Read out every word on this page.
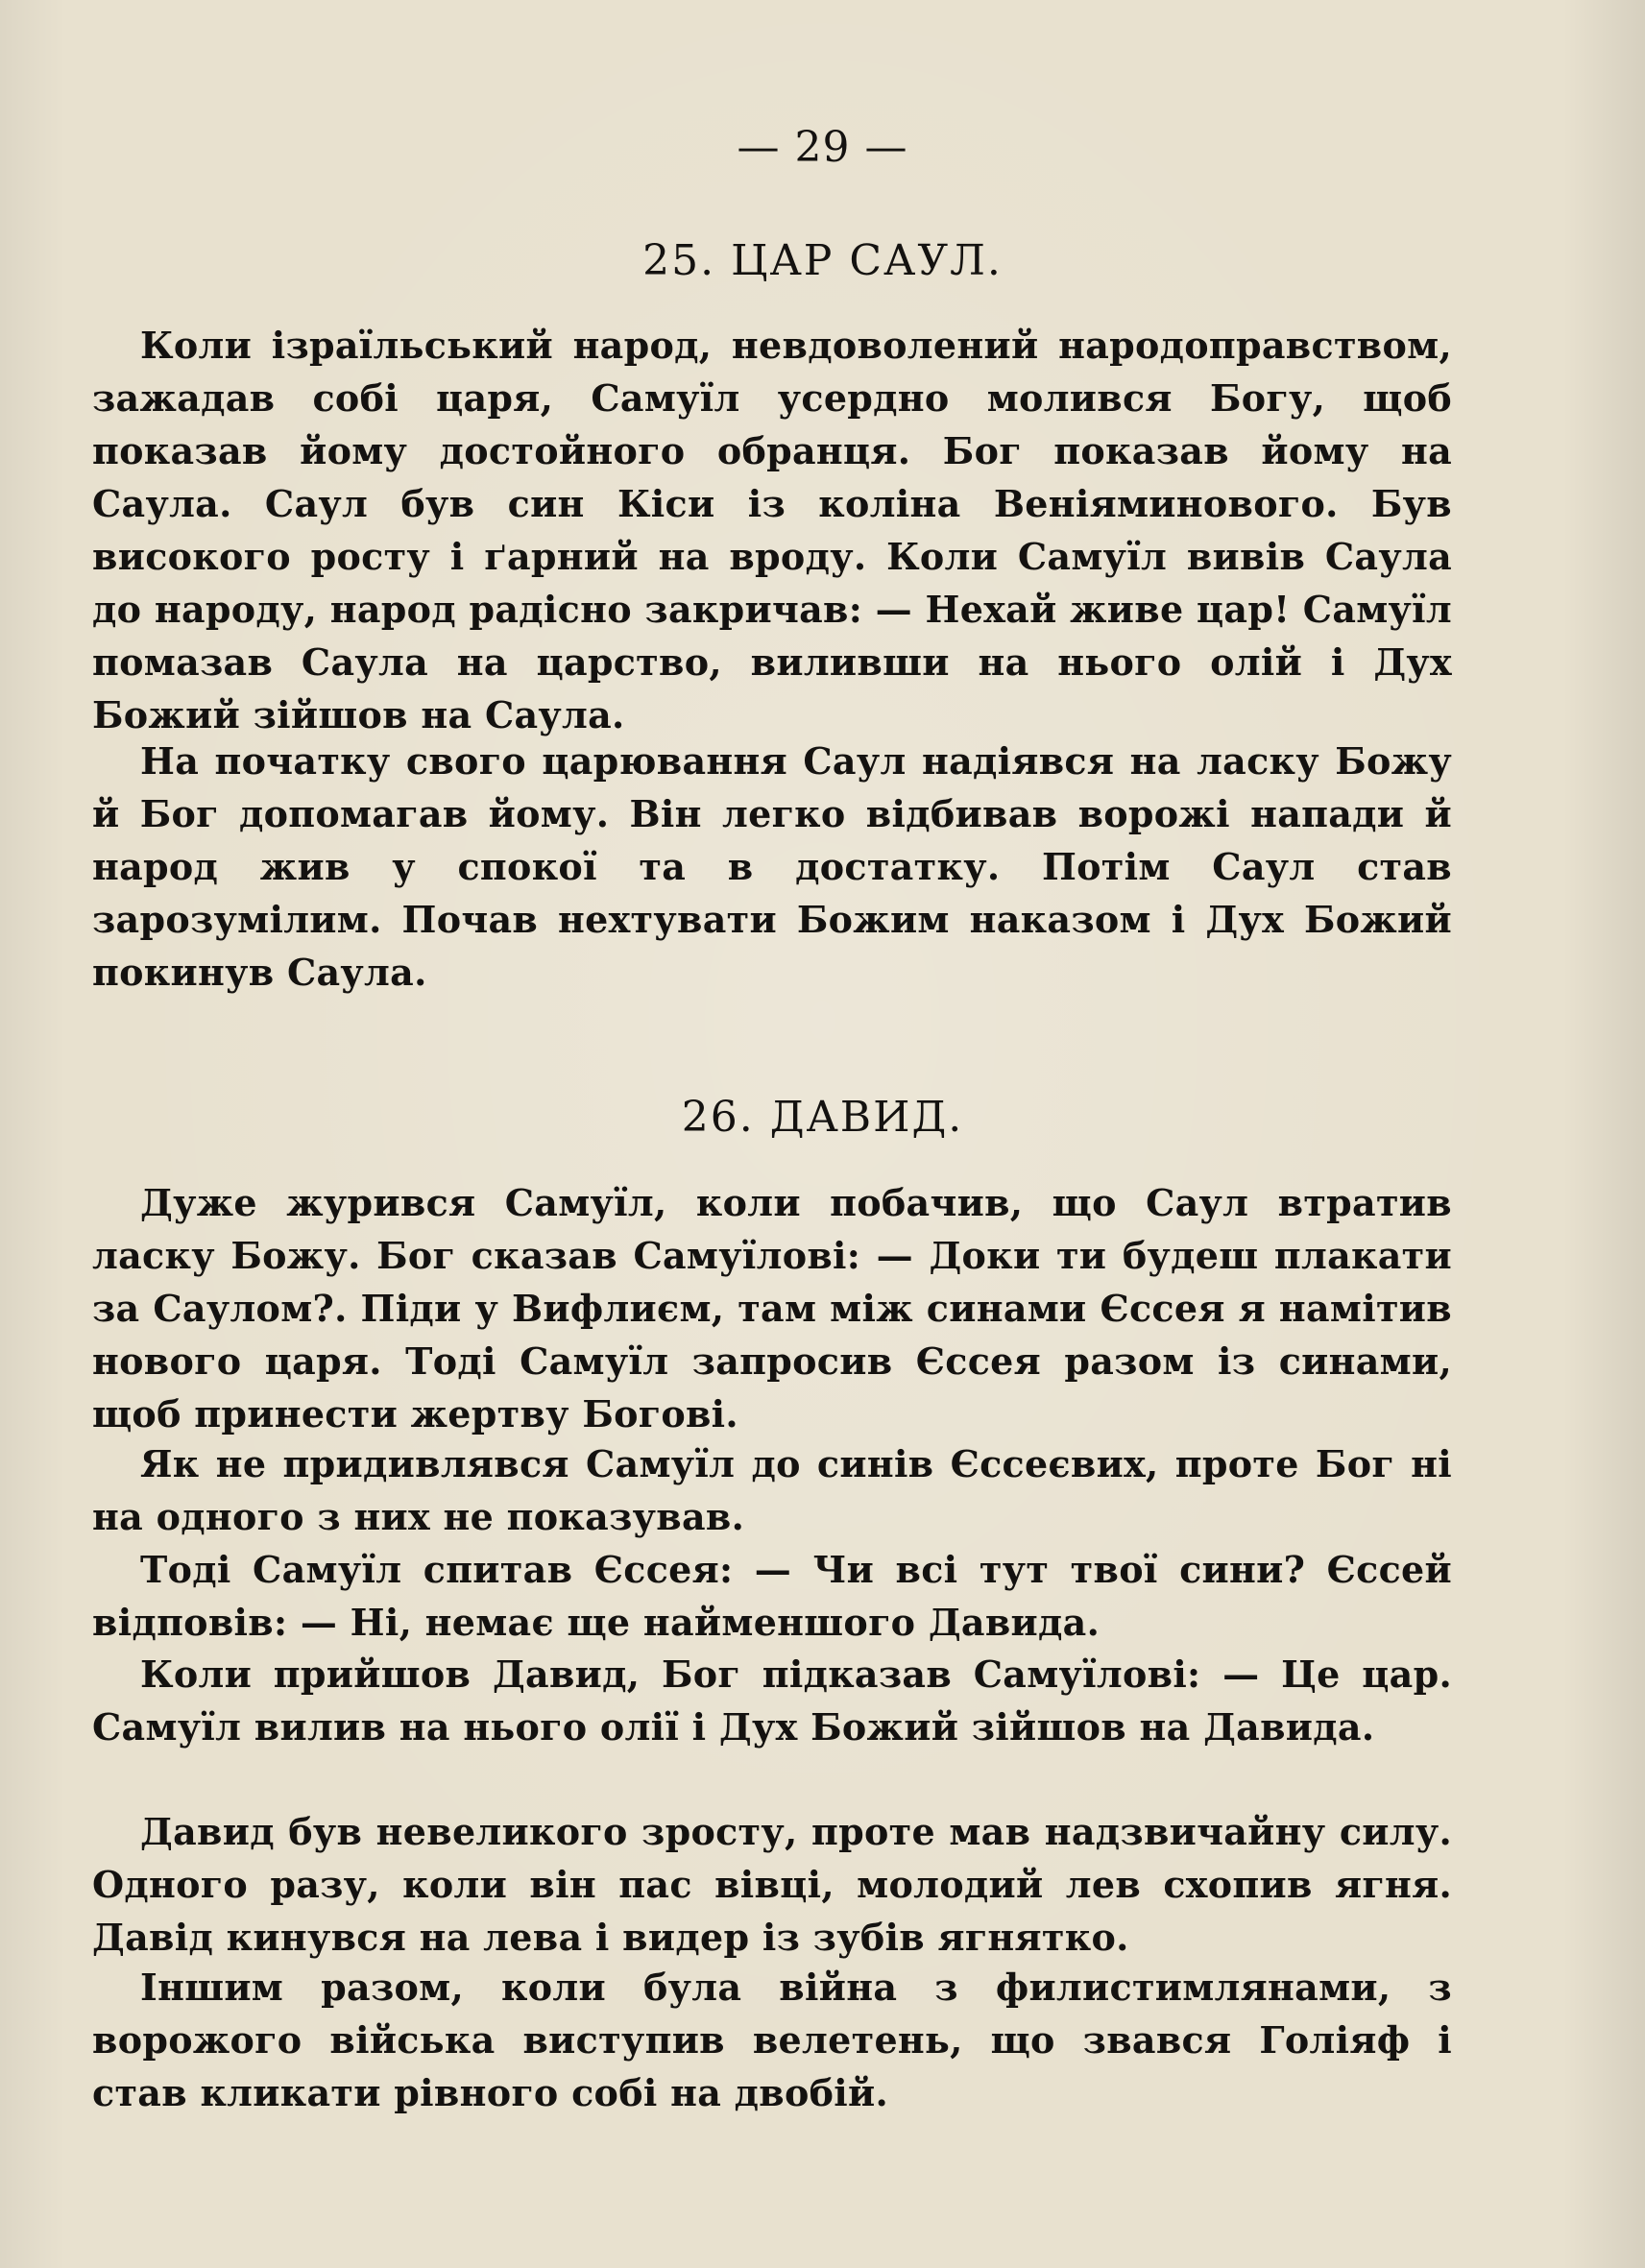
— 29 —
25. ЦАР САУЛ.

Коли ізраїльський народ, невдоволений народоправством, зажадав собі царя, Самуїл усердно молився Богу, щоб показав йому достойного обранця. Бог показав йому на Саула. Саул був син Кіси із коліна Веніяминового. Був високого росту і ґарний на вроду. Коли Самуїл вивів Саула до народу, народ радісно закричав: — Нехай живе цар! Самуїл помазав Саула на царство, виливши на нього олій і Дух Божий зійшов на Саула.

На початку свого царювання Саул надіявся на ласку Божу й Бог допомагав йому. Він легко відбивав ворожі напади й народ жив у спокої та в достатку. Потім Саул став зарозумілим. Почав нехтувати Божим наказом і Дух Божий покинув Саула.

26. ДАВИД.

Дуже журився Самуїл, коли побачив, що Саул втратив ласку Божу. Бог сказав Самуїлові: — Доки ти будеш плакати за Саулом?. Піди у Вифлиєм, там між синами Єссея я намітив нового царя. Тоді Самуїл запросив Єссея разом із синами, щоб принести жертву Богові.

Як не придивлявся Самуїл до синів Єссеєвих, проте Бог ні на одного з них не показував.

Тоді Самуїл спитав Єссея: — Чи всі тут твої сини? Єссей відповів: — Ні, немає ще найменшого Давида.

Коли прийшов Давид, Бог підказав Самуїлові: — Це цар. Самуїл вилив на нього олії і Дух Божий зійшов на Давида.

Давид був невеликого зросту, проте мав надзвичайну силу. Одного разу, коли він пас вівці, молодий лев схопив ягня. Давід кинувся на лева і видер із зубів ягнятко.

Іншим разом, коли була війна з филистимлянами, з ворожого війська виступив велетень, що звався Голіяф і став кликати рівного собі на двобій.
